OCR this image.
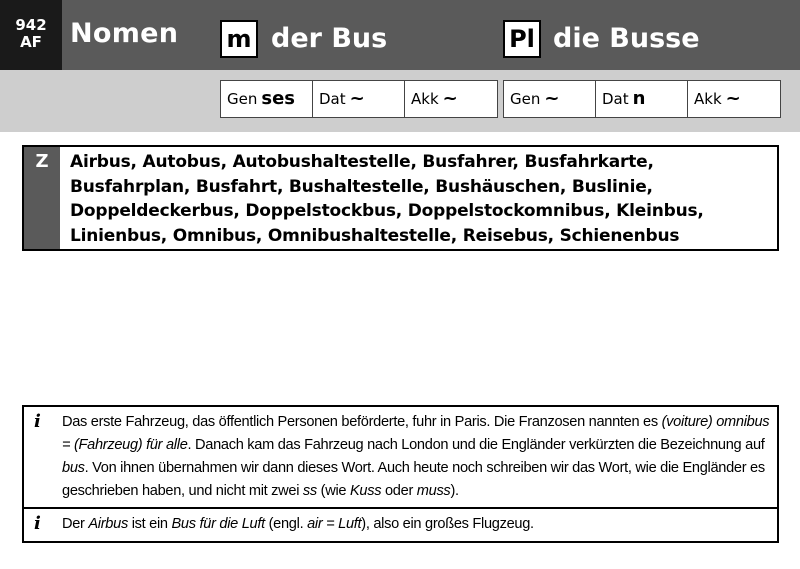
942
AF	Nomen m der Bus	Pl die Busse
Gen ses	Dat ~	Akk ~	Gen ~	Dat n	Akk ~
Z	Airbus, Autobus, Autobushaltestelle, Busfahrer, Busfahrkarte,
Busfahrplan, Busfahrt, Bushaltestelle, Bushäuschen, Buslinie,
Doppeldeckerbus, Doppelstockbus, Doppelstockomnibus, Kleinbus,
Linienbus, Omnibus, Omnibushaltestelle, Reisebus, Schienenbus
i Das erste Fahrzeug, das öffentlich Personen beförderte, fuhr in Paris. Die Franzosen nannten es (voiture) omnibus = (Fahrzeug) für alle. Danach kam das Fahrzeug nach London und die Engländer verkürzten die Bezeichnung auf bus. Von ihnen übernahmen wir dann dieses Wort. Auch heute noch schreiben wir das Wort, wie die Engländer es geschrieben haben, und nicht mit zwei ss (wie Kuss oder muss).
i Der Airbus ist ein Bus für die Luft (engl. air = Luft), also ein großes Flugzeug.
